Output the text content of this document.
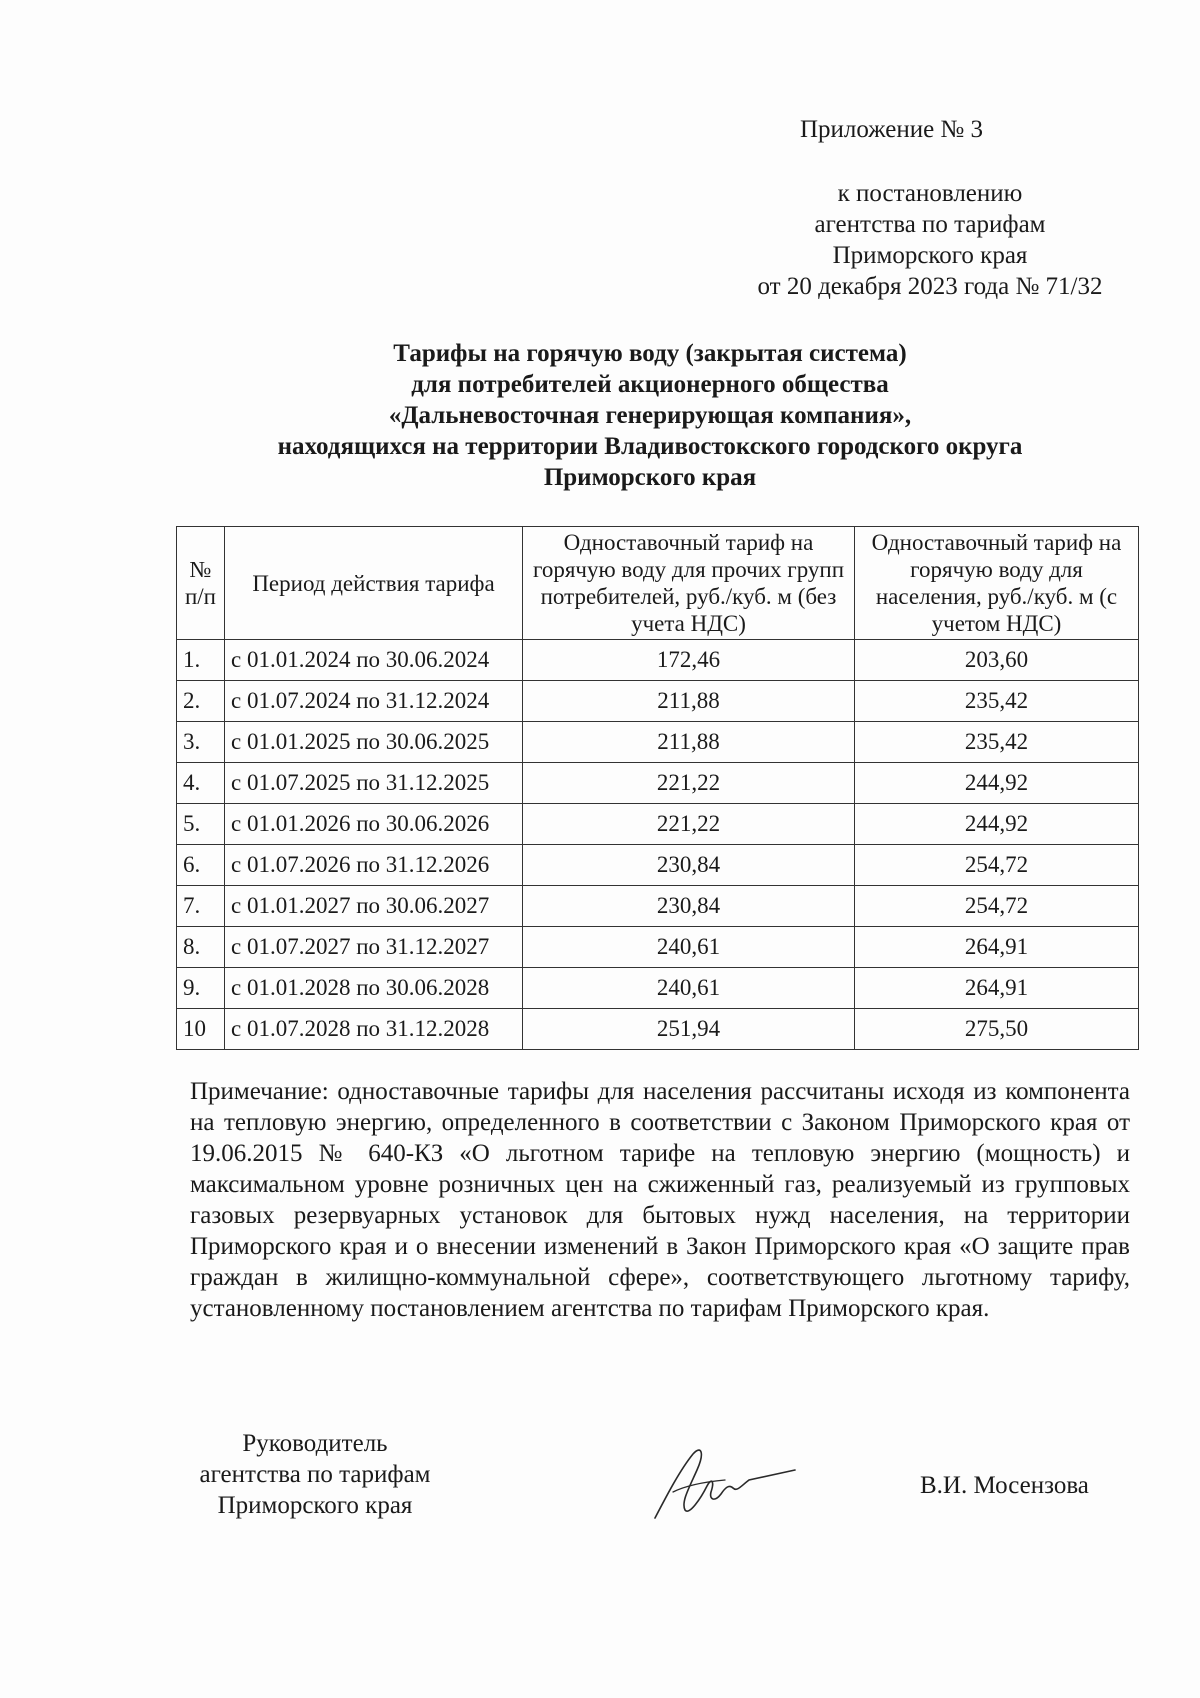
Приложение № 3
к постановлению
агентства по тарифам
Приморского края
от 20 декабря 2023 года № 71/32
Тарифы на горячую воду (закрытая система)
для потребителей акционерного общества
«Дальневосточная генерирующая компания»,
находящихся на территории Владивостокского городского округа
Приморского края
№ п/п	Период действия тарифа	Одноставочный тариф на горячую воду для прочих групп потребителей, руб./куб. м (без учета НДС)	Одноставочный тариф на горячую воду для населения, руб./куб. м (с учетом НДС)
1.	с 01.01.2024 по 30.06.2024	172,46	203,60
2.	с 01.07.2024 по 31.12.2024	211,88	235,42
3.	с 01.01.2025 по 30.06.2025	211,88	235,42
4.	с 01.07.2025 по 31.12.2025	221,22	244,92
5.	с 01.01.2026 по 30.06.2026	221,22	244,92
6.	с 01.07.2026 по 31.12.2026	230,84	254,72
7.	с 01.01.2027 по 30.06.2027	230,84	254,72
8.	с 01.07.2027 по 31.12.2027	240,61	264,91
9.	с 01.01.2028 по 30.06.2028	240,61	264,91
10	с 01.07.2028 по 31.12.2028	251,94	275,50
Примечание: одноставочные тарифы для населения рассчитаны исходя из компонента на тепловую энергию, определенного в соответствии с Законом Приморского края от 19.06.2015 № 640-КЗ «О льготном тарифе на тепловую энергию (мощность) и максимальном уровне розничных цен на сжиженный газ, реализуемый из групповых газовых резервуарных установок для бытовых нужд населения, на территории Приморского края и о внесении изменений в Закон Приморского края «О защите прав граждан в жилищно-коммунальной сфере», соответствующего льготному тарифу, установленному постановлением агентства по тарифам Приморского края.
Руководитель
агентства по тарифам
Приморского края
В.И. Мосензова
